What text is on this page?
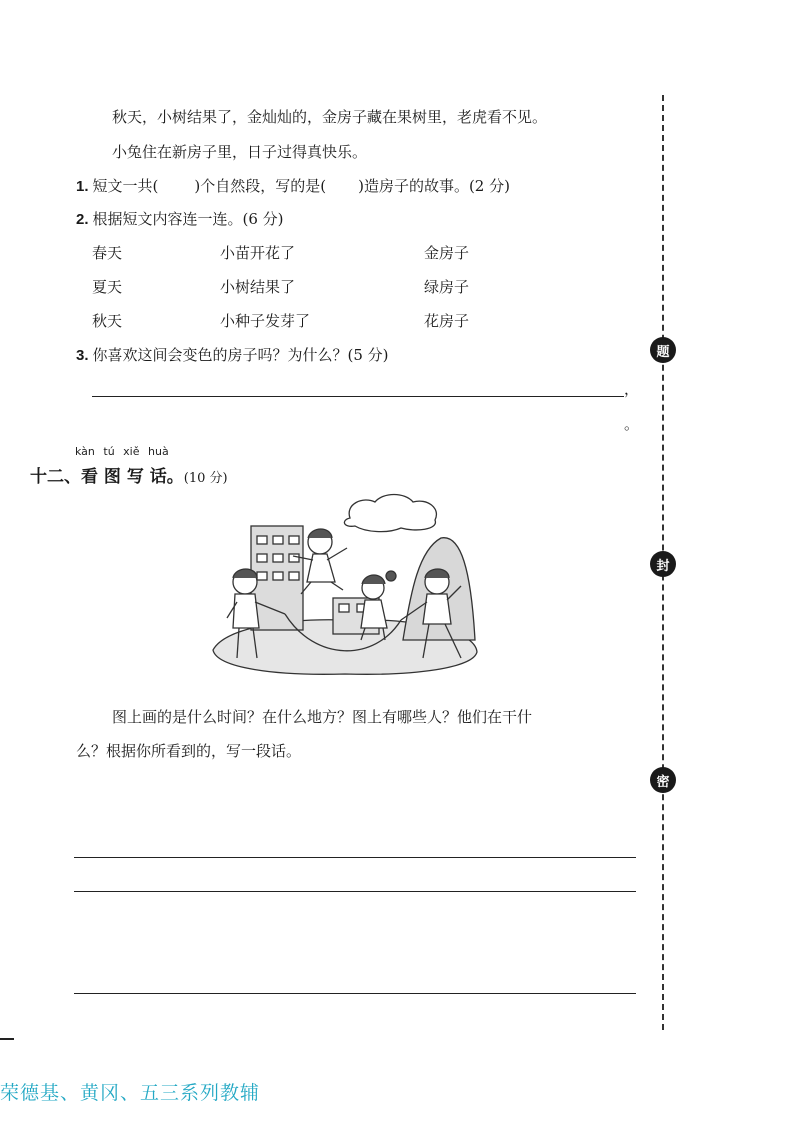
秋天，小树结果了，金灿灿的，金房子藏在果树里，老虎看不见。
小兔住在新房子里，日子过得真快乐。
1. 短文一共( )个自然段，写的是( )造房子的故事。(2 分)
2. 根据短文内容连一连。(6 分)
春天	小苗开花了	金房子
夏天	小树结果了	绿房子
秋天	小种子发芽了	花房子
3. 你喜欢这间会变色的房子吗？为什么？(5 分)
，
。
kàn tú xiě huà
十二、 看 图 写 话。 (10 分)
图上画的是什么时间？在什么地方？图上有哪些人？他们在干什
么？根据你所看到的，写一段话。
题
封
密
荣德基、黄冈、五三系列教辅
